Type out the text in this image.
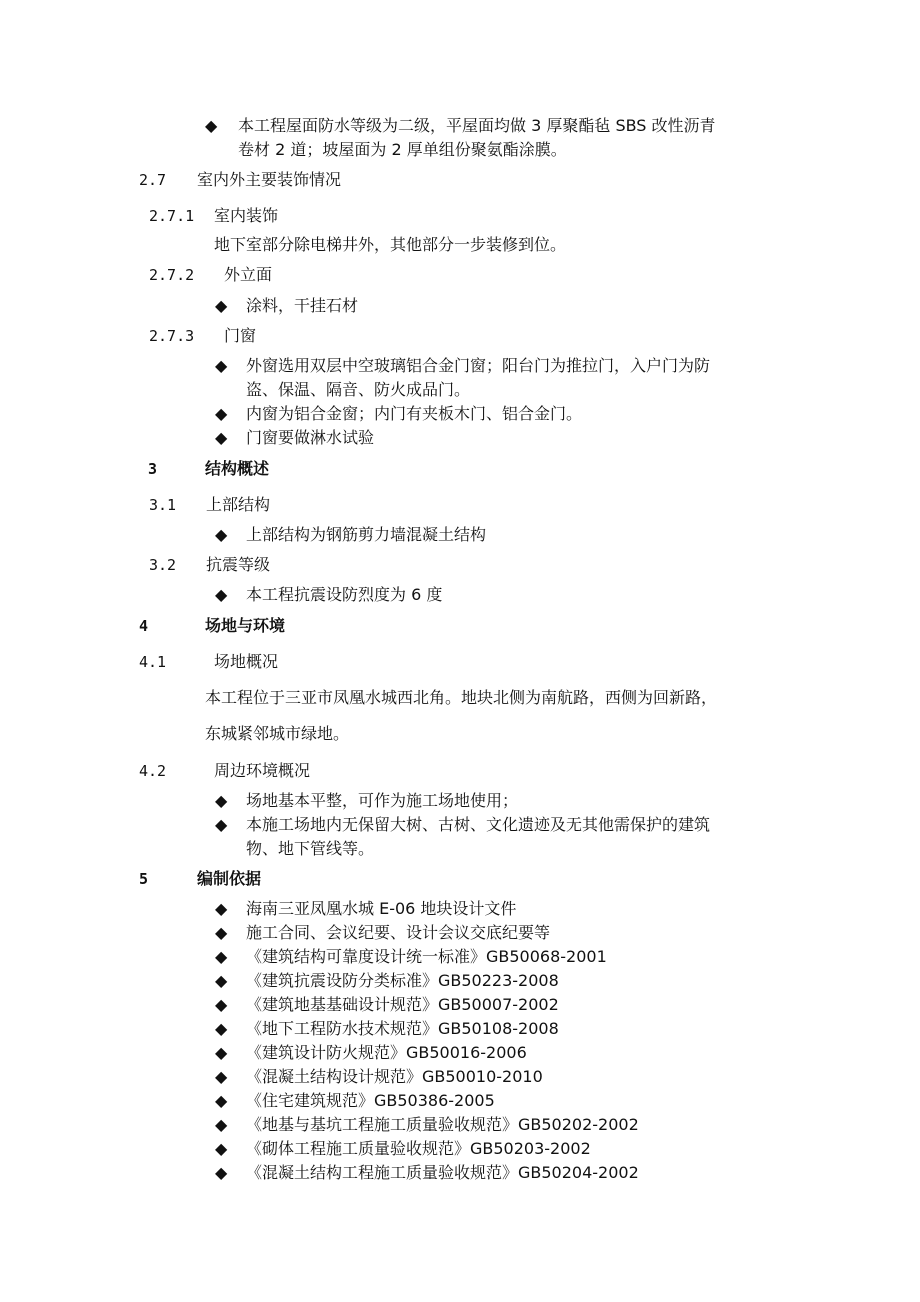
◆ 本工程屋面防水等级为二级，平屋面均做 3 厚聚酯毡 SBS 改性沥青
卷材 2 道；坡屋面为 2 厚单组份聚氨酯涂膜。
2.7 室内外主要装饰情况
2.7.1 室内装饰
地下室部分除电梯井外，其他部分一步装修到位。
2.7.2 外立面
◆ 涂料，干挂石材
2.7.3 门窗
◆ 外窗选用双层中空玻璃铝合金门窗；阳台门为推拉门，入户门为防
盗、保温、隔音、防火成品门。
◆ 内窗为铝合金窗；内门有夹板木门、铝合金门。
◆ 门窗要做淋水试验
3	结构概述
3.1 上部结构
◆ 上部结构为钢筋剪力墙混凝土结构
3.2 抗震等级
◆ 本工程抗震设防烈度为 6 度
4	场地与环境
4.1	场地概况
本工程位于三亚市凤凰水城西北角。地块北侧为南航路，西侧为回新路，
东城紧邻城市绿地。
4.2	周边环境概况
◆ 场地基本平整，可作为施工场地使用；
◆ 本施工场地内无保留大树、古树、文化遗迹及无其他需保护的建筑
物、地下管线等。
5	编制依据
◆ 海南三亚凤凰水城 E-06 地块设计文件
◆ 施工合同、会议纪要、设计会议交底纪要等
◆ 《建筑结构可靠度设计统一标准》GB50068-2001
◆ 《建筑抗震设防分类标准》GB50223-2008
◆ 《建筑地基基础设计规范》GB50007-2002
◆ 《地下工程防水技术规范》GB50108-2008
◆ 《建筑设计防火规范》GB50016-2006
◆ 《混凝土结构设计规范》GB50010-2010
◆ 《住宅建筑规范》GB50386-2005
◆ 《地基与基坑工程施工质量验收规范》GB50202-2002
◆ 《砌体工程施工质量验收规范》GB50203-2002
◆ 《混凝土结构工程施工质量验收规范》GB50204-2002
